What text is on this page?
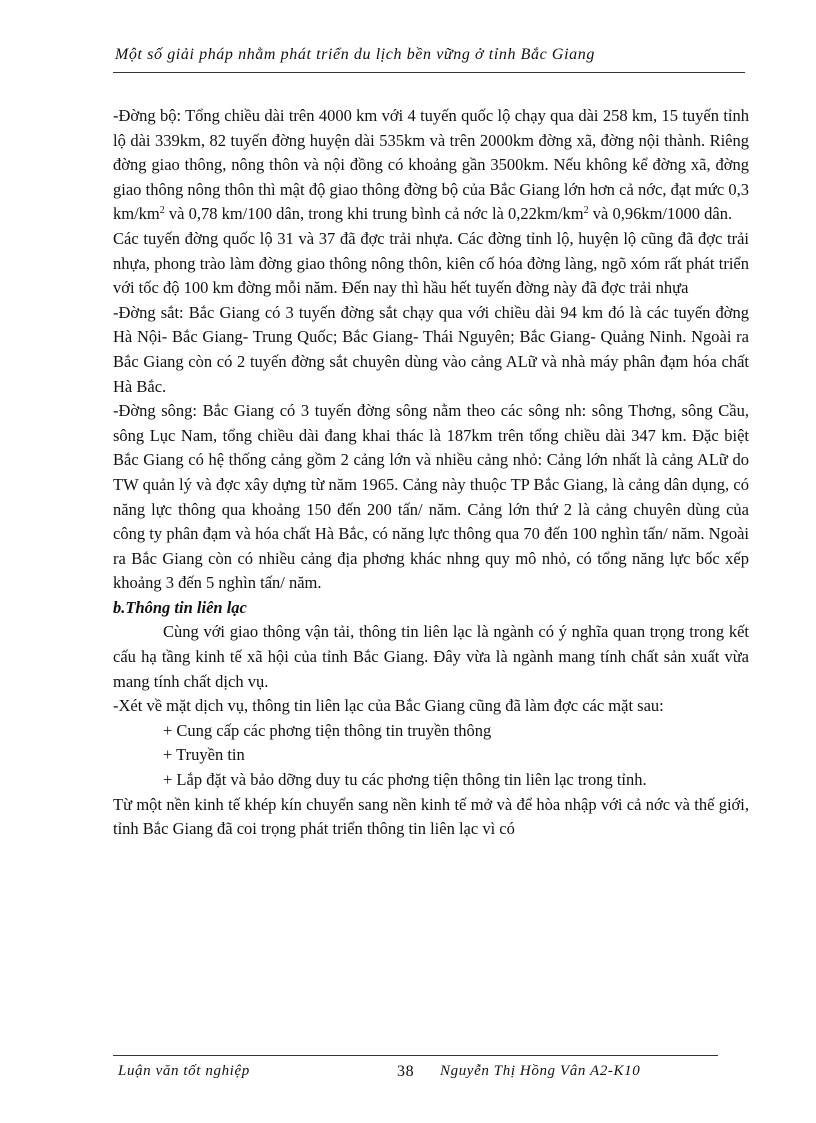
Một số giải pháp nhằm phát triển du lịch bền vững ở tỉnh Bắc Giang

-Đờng bộ: Tổng chiều dài trên 4000 km với 4 tuyến quốc lộ chạy qua dài 258 km, 15 tuyến tỉnh lộ dài 339km, 82 tuyến đờng huyện dài 535km và trên 2000km đờng xã, đờng nội thành. Riêng đờng giao thông, nông thôn và nội đồng có khoảng gần 3500km. Nếu không kể đờng xã, đờng giao thông nông thôn thì mật độ giao thông đờng bộ của Bắc Giang lớn hơn cả nớc, đạt mức 0,3 $km/km^2$ và 0,78 km/100 dân, trong khi trung bình cả nớc là $0,22km/km^2$ và 0,96km/1000 dân.

Các tuyến đờng quốc lộ 31 và 37 đã đợc trải nhựa. Các đờng tỉnh lộ, huyện lộ cũng đã đợc trải nhựa, phong trào làm đờng giao thông nông thôn, kiên cố hóa đờng làng, ngõ xóm rất phát triển với tốc độ 100 km đờng mỗi năm. Đến nay thì hầu hết tuyến đờng này đã đợc trải nhựa

-Đờng sắt: Bắc Giang có 3 tuyến đờng sắt chạy qua với chiều dài 94 km đó là các tuyến đờng Hà Nội- Bắc Giang- Trung Quốc; Bắc Giang- Thái Nguyên; Bắc Giang- Quảng Ninh. Ngoài ra Bắc Giang còn có 2 tuyến đờng sắt chuyên dùng vào cảng ALữ và nhà máy phân đạm hóa chất Hà Bắc.

-Đờng sông: Bắc Giang có 3 tuyến đờng sông nằm theo các sông nh: sông Thơng, sông Cầu, sông Lục Nam, tổng chiều dài đang khai thác là 187km trên tổng chiều dài 347 km. Đặc biệt Bắc Giang có hệ thống cảng gồm 2 cảng lớn và nhiều cảng nhỏ: Cảng lớn nhất là cảng ALữ do TW quản lý và đợc xây dựng từ năm 1965. Cảng này thuộc TP Bắc Giang, là cảng dân dụng, có năng lực thông qua khoảng 150 đến 200 tấn/ năm. Cảng lớn thứ 2 là cảng chuyên dùng của công ty phân đạm và hóa chất Hà Bắc, có năng lực thông qua 70 đến 100 nghìn tấn/ năm. Ngoài ra Bắc Giang còn có nhiều cảng địa phơng khác nhng quy mô nhỏ, có tổng năng lực bốc xếp khoảng 3 đến 5 nghìn tấn/ năm.

b.Thông tin liên lạc

Cùng với giao thông vận tải, thông tin liên lạc là ngành có ý nghĩa quan trọng trong kết cấu hạ tầng kinh tế xã hội của tỉnh Bắc Giang. Đây vừa là ngành mang tính chất sản xuất vừa mang tính chất dịch vụ.

-Xét về mặt dịch vụ, thông tin liên lạc của Bắc Giang cũng đã làm đợc các mặt sau:

+ Cung cấp các phơng tiện thông tin truyền thông

+ Truyền tin

+ Lắp đặt và bảo dỡng duy tu các phơng tiện thông tin liên lạc trong tỉnh.

Từ một nền kinh tế khép kín chuyển sang nền kinh tế mở và để hòa nhập với cả nớc và thế giới, tỉnh Bắc Giang đã coi trọng phát triển thông tin liên lạc vì có

Luận văn tốt nghiệp	38 Nguyễn Thị Hồng Vân A2-K10
